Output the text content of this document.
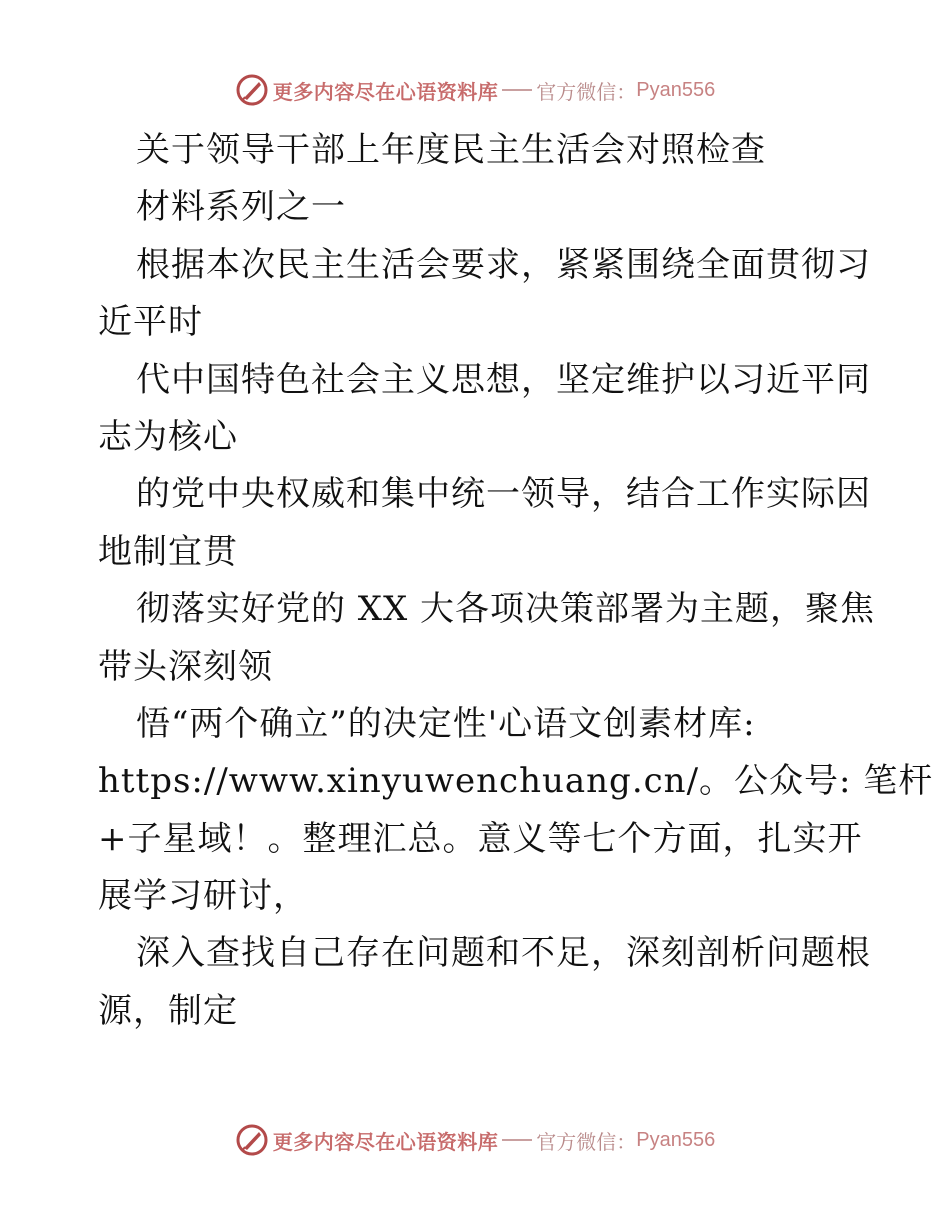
更多内容尽在心语资料库 官方微信： Pyan556
关于领导干部上年度民主生活会对照检查
材料系列之一
根据本次民主生活会要求，紧紧围绕全面贯彻习
近平时
代中国特色社会主义思想，坚定维护以习近平同
志为核心
的党中央权威和集中统一领导，结合工作实际因
地制宜贯
彻落实好党的 XX 大各项决策部署为主题，聚焦
带头深刻领
悟“两个确立”的决定性'心语文创素材库:
https://www.xinyuwenchuang.cn/。公众号: 笔杆
+子星域！。整理汇总。意义等七个方面，扎实开
展学习研讨，
深入查找自己存在问题和不足，深刻剖析问题根
源，制定
更多内容尽在心语资料库 官方微信： Pyan556
